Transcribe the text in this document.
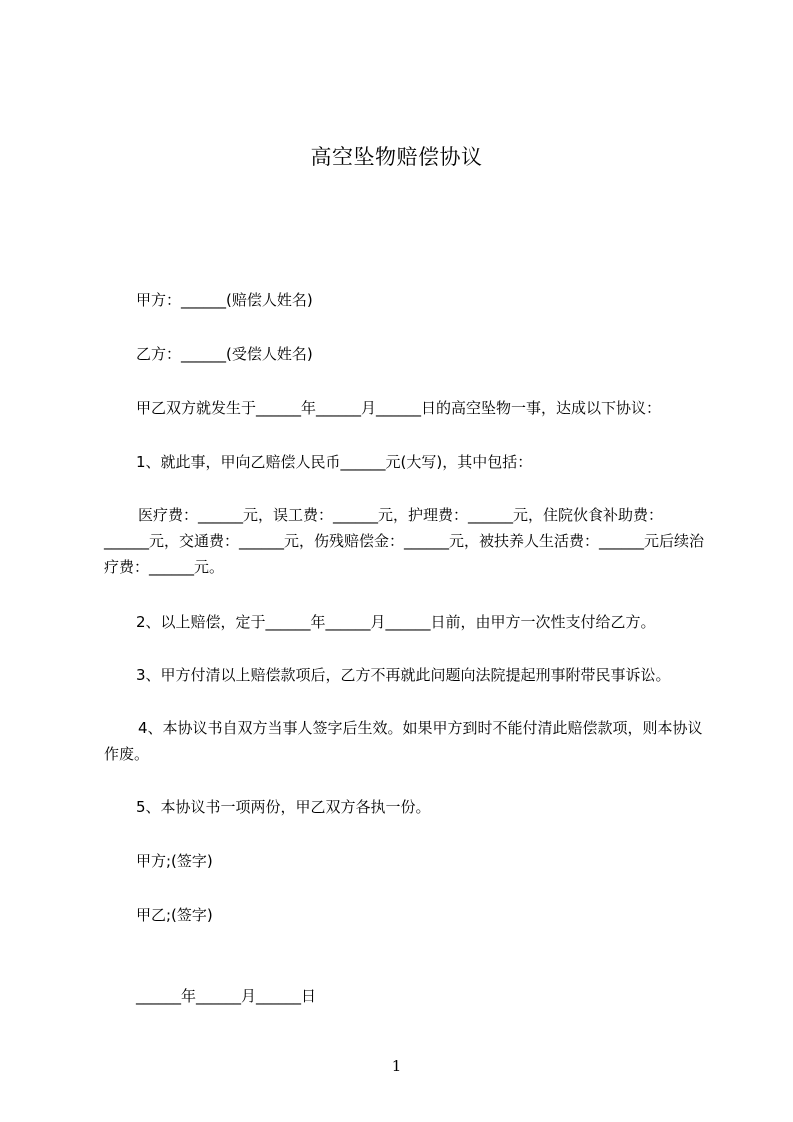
高空坠物赔偿协议
甲方：______(赔偿人姓名)
乙方：______(受偿人姓名)
甲乙双方就发生于______年______月______日的高空坠物一事，达成以下协议：
1、就此事，甲向乙赔偿人民币______元(大写)，其中包括：
医疗费：______元，误工费：______元，护理费：______元，住院伙食补助费：______元，交通费：______元，伤残赔偿金：______元，被扶养人生活费：______元后续治疗费：______元。
2、以上赔偿，定于______年______月______日前，由甲方一次性支付给乙方。
3、甲方付清以上赔偿款项后，乙方不再就此问题向法院提起刑事附带民事诉讼。
4、本协议书自双方当事人签字后生效。如果甲方到时不能付清此赔偿款项，则本协议作废。
5、本协议书一项两份，甲乙双方各执一份。
甲方;(签字)
甲乙;(签字)
______年______月______日
1
